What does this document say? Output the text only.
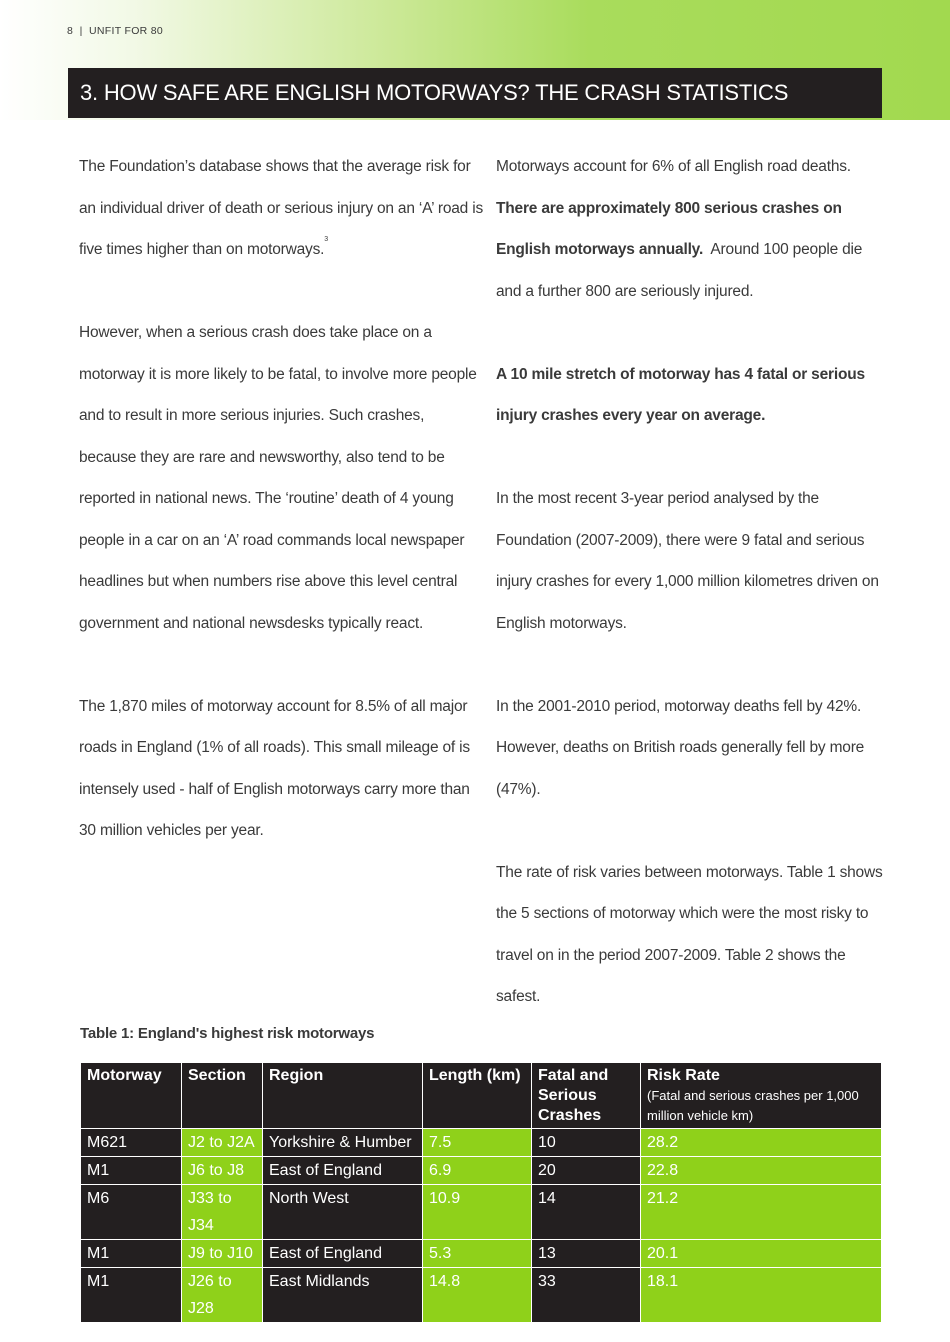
8 | UNFIT FOR 80
3. HOW SAFE ARE ENGLISH MOTORWAYS? THE CRASH STATISTICS

The Foundation’s database shows that the average risk for an individual driver of death or serious injury on an ‘A’ road is five times higher than on motorways.$^3$

However, when a serious crash does take place on a motorway it is more likely to be fatal, to involve more people and to result in more serious injuries. Such crashes, because they are rare and newsworthy, also tend to be reported in national news. The ‘routine’ death of 4 young people in a car on an ‘A’ road commands local newspaper headlines but when numbers rise above this level central government and national newsdesks typically react.

The 1,870 miles of motorway account for 8.5% of all major roads in England (1% of all roads). This small mileage of is intensely used - half of English motorways carry more than 30 million vehicles per year.

Motorways account for 6% of all English road deaths. There are approximately 800 serious crashes on English motorways annually. Around 100 people die and a further 800 are seriously injured.

A 10 mile stretch of motorway has 4 fatal or serious injury crashes every year on average.

In the most recent 3-year period analysed by the Foundation (2007-2009), there were 9 fatal and serious injury crashes for every 1,000 million kilometres driven on English motorways.

In the 2001-2010 period, motorway deaths fell by 42%. However, deaths on British roads generally fell by more (47%).

The rate of risk varies between motorways. Table 1 shows the 5 sections of motorway which were the most risky to travel on in the period 2007-2009. Table 2 shows the safest.

Table 1: England's highest risk motorways
Motorway	Section	Region	Length (km)	Fatal and Serious Crashes	Risk Rate
(Fatal and serious crashes per 1,000 million vehicle km)

M621	J2 to J2A	Yorkshire & Humber	7.5	10	28.2
M1	J6 to J8	East of England	6.9	20	22.8
M6	J33 to J34	North West	10.9	14	21.2
M1	J9 to J10	East of England	5.3	13	20.1
M1	J26 to J28	East Midlands	14.8	33	18.1
